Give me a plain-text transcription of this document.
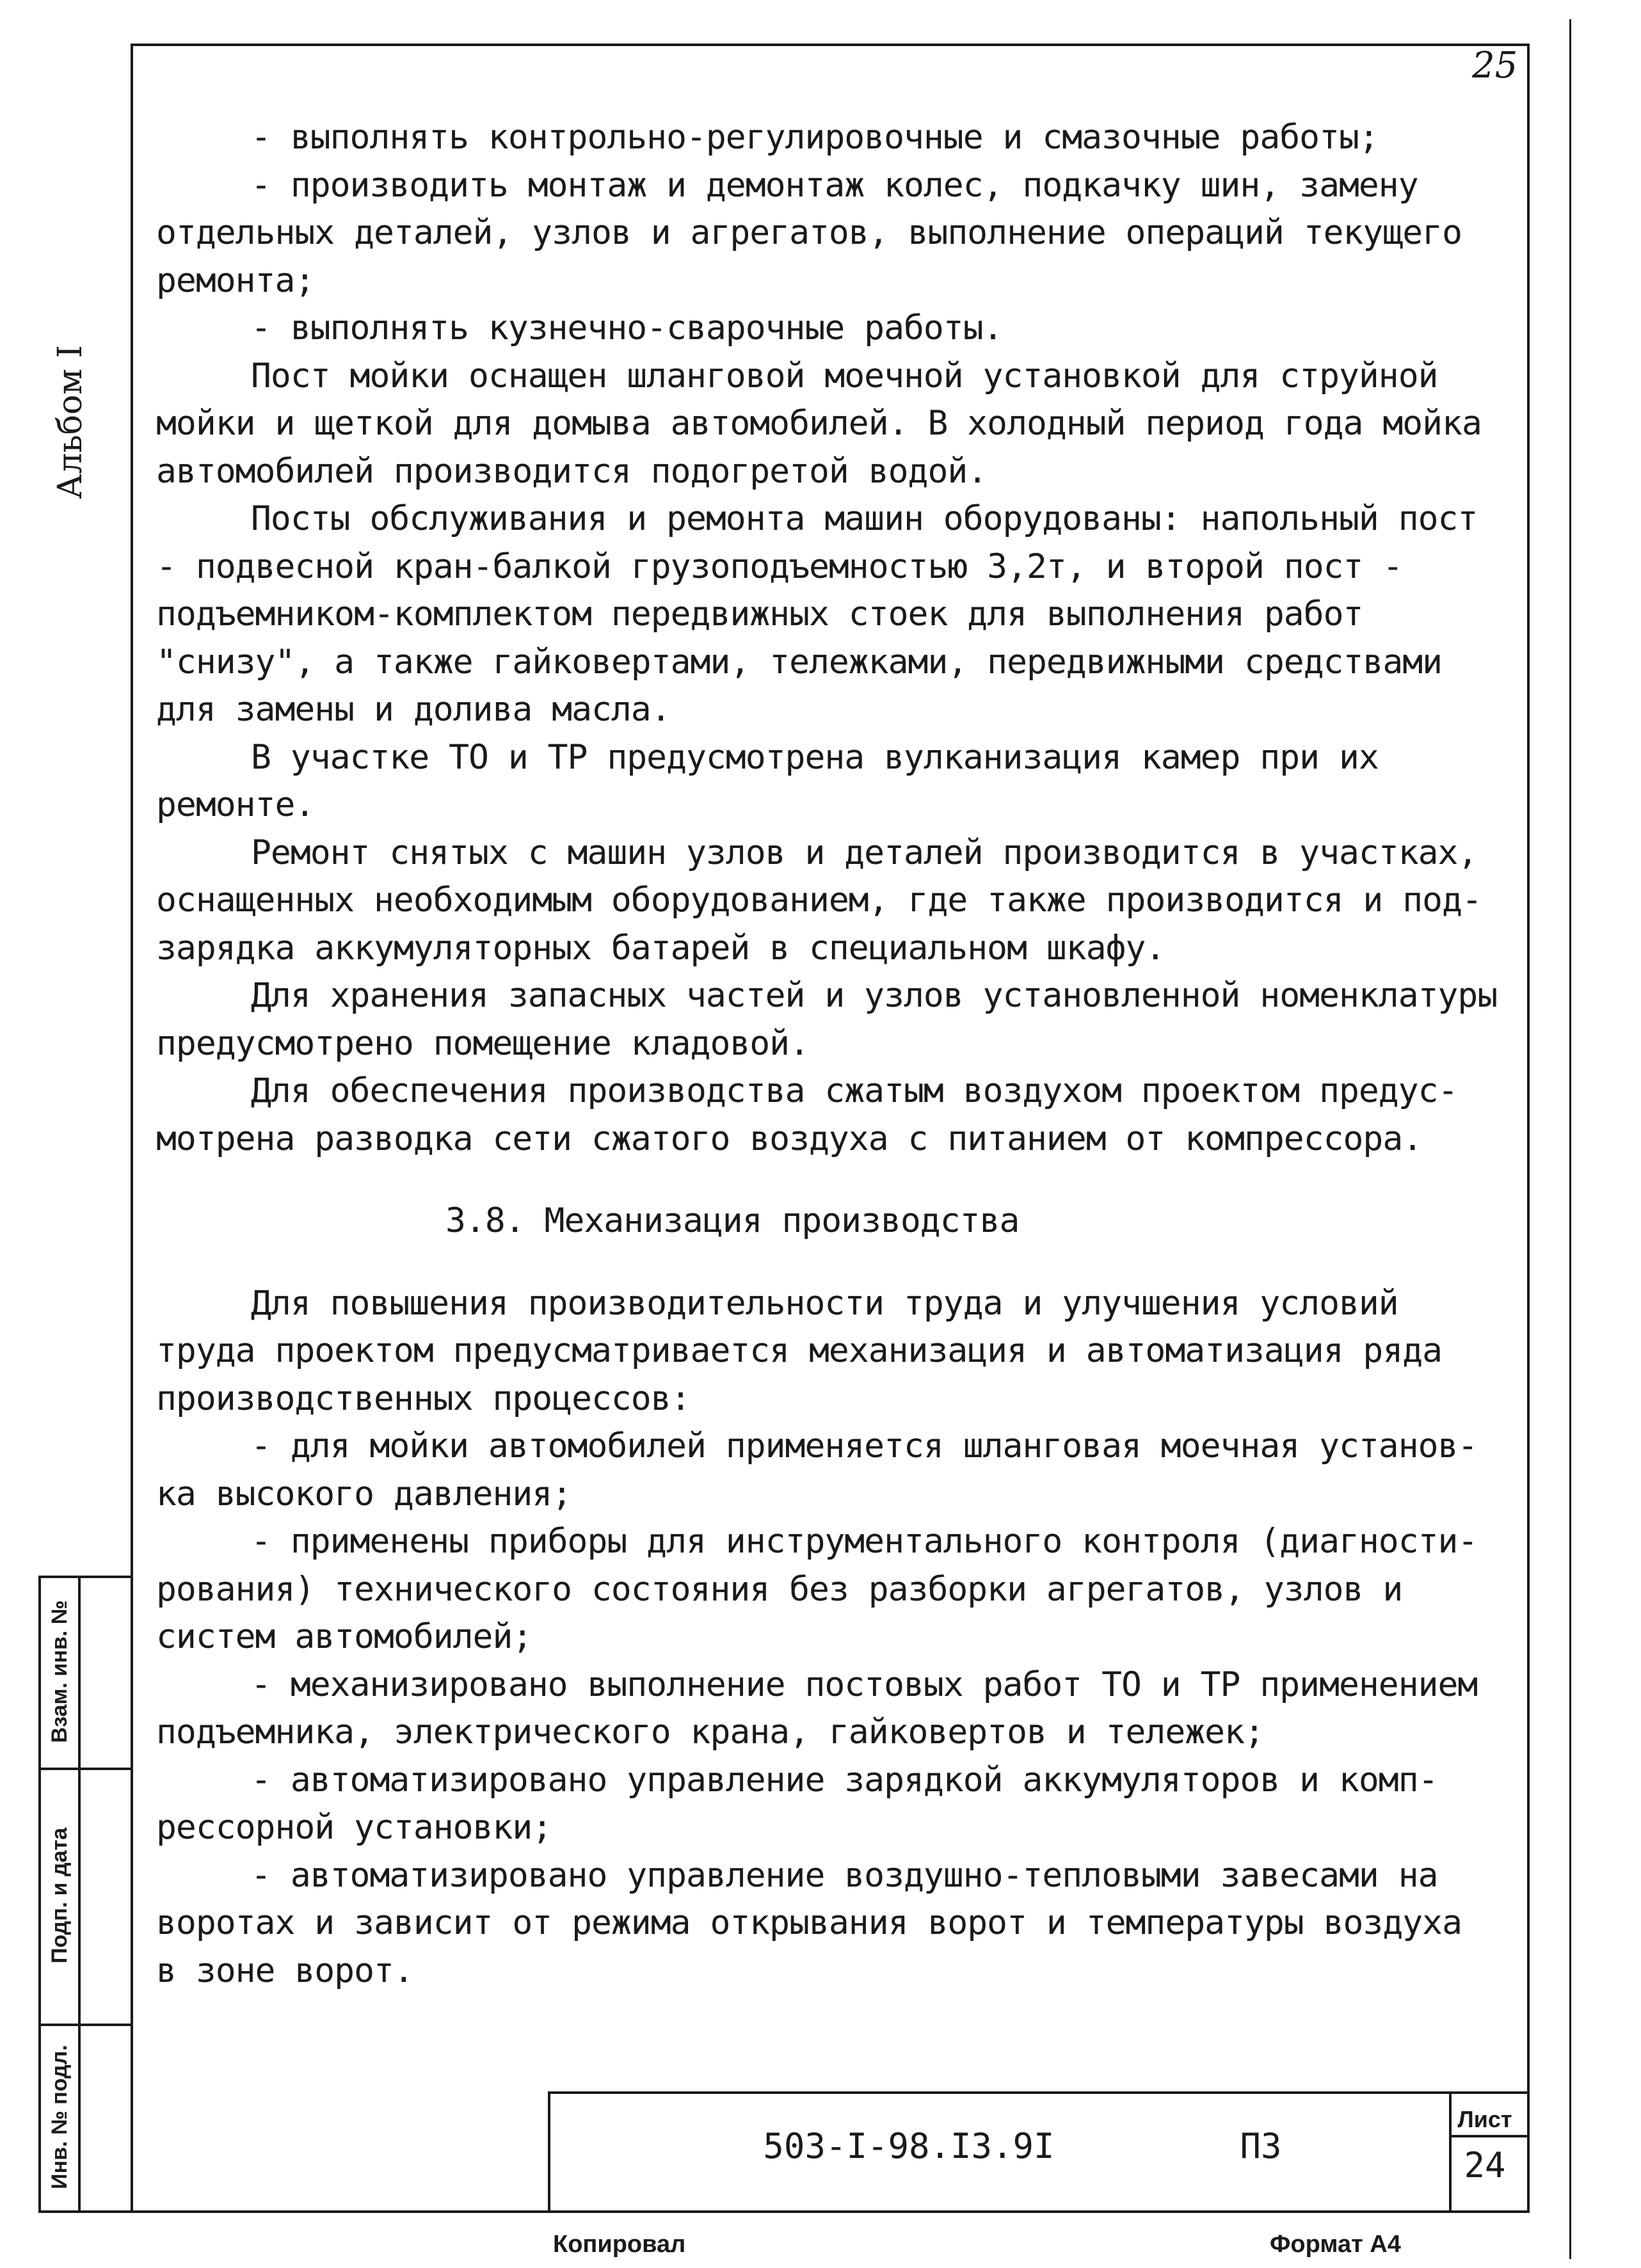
Альбом I
Взам. инв. №
Подп. и дата
Инв. № подл.
25
- выполнять контрольно-регулировочные и смазочные работы;
- производить монтаж и демонтаж колес, подкачку шин, замену
отдельных деталей, узлов и агрегатов, выполнение операций текущего
ремонта;
- выполнять кузнечно-сварочные работы.
Пост мойки оснащен шланговой моечной установкой для струйной
мойки и щеткой для домыва автомобилей. В холодный период года мойка
автомобилей производится подогретой водой.
Посты обслуживания и ремонта машин оборудованы: напольный пост
- подвесной кран-балкой грузоподъемностью 3,2т, и второй пост -
подъемником-комплектом передвижных стоек для выполнения работ
"снизу", а также гайковертами, тележками, передвижными средствами
для замены и долива масла.
В участке ТО и ТР предусмотрена вулканизация камер при их
ремонте.
Ремонт снятых с машин узлов и деталей производится в участках,
оснащенных необходимым оборудованием, где также производится и под-
зарядка аккумуляторных батарей в специальном шкафу.
Для хранения запасных частей и узлов установленной номенклатуры
предусмотрено помещение кладовой.
Для обеспечения производства сжатым воздухом проектом предус-
мотрена разводка сети сжатого воздуха с питанием от компрессора.
3.8. Механизация производства
Для повышения производительности труда и улучшения условий
труда проектом предусматривается механизация и автоматизация ряда
производственных процессов:
- для мойки автомобилей применяется шланговая моечная установ-
ка высокого давления;
- применены приборы для инструментального контроля (диагности-
рования) технического состояния без разборки агрегатов, узлов и
систем автомобилей;
- механизировано выполнение постовых работ ТО и ТР применением
подъемника, электрического крана, гайковертов и тележек;
- автоматизировано управление зарядкой аккумуляторов и комп-
рессорной установки;
- автоматизировано управление воздушно-тепловыми завесами на
воротах и зависит от режима открывания ворот и температуры воздуха
в зоне ворот.
503-I-98.I3.9I	ПЗ
Лист
24
Копировал	Формат А4
